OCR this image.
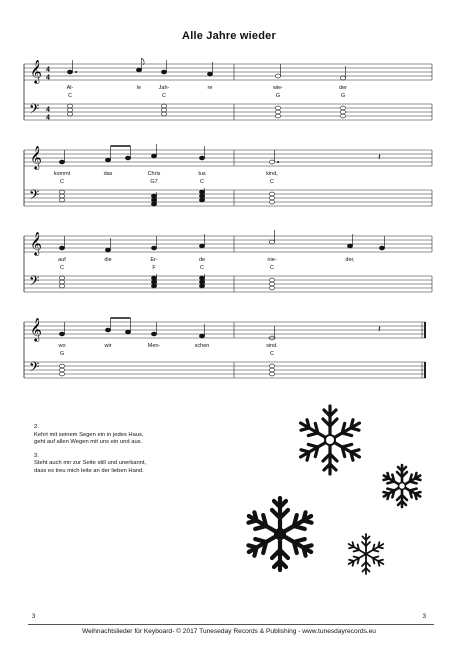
Alle Jahre wieder
𝄞
𝄢
4
4
4
4
Al-	le	Jah-	re	wie-	der
C	C	G	G
𝄞
𝄢
𝄽
kommt	das	Chris	tus	kind,
C	G7	C	C
𝄞
𝄢
auf	die	Er-	de	nie-	der,
C	F	C	C
𝄞
𝄢
𝄽
wo	wir	Men-	schen	sind.
G	C
2.
Kehrt mit seinem Segen ein in jedes Haus,
geht auf allen Wegen mit uns ein und aus.
3.
Steht auch mir zur Seite still und unerkannt,
dass es treu mich leite an der lieben Hand.
3	3
Weihnachtslieder für Keyboard- © 2017 Tuneseday Records & Publishing - www.tunesdayrecords.eu
